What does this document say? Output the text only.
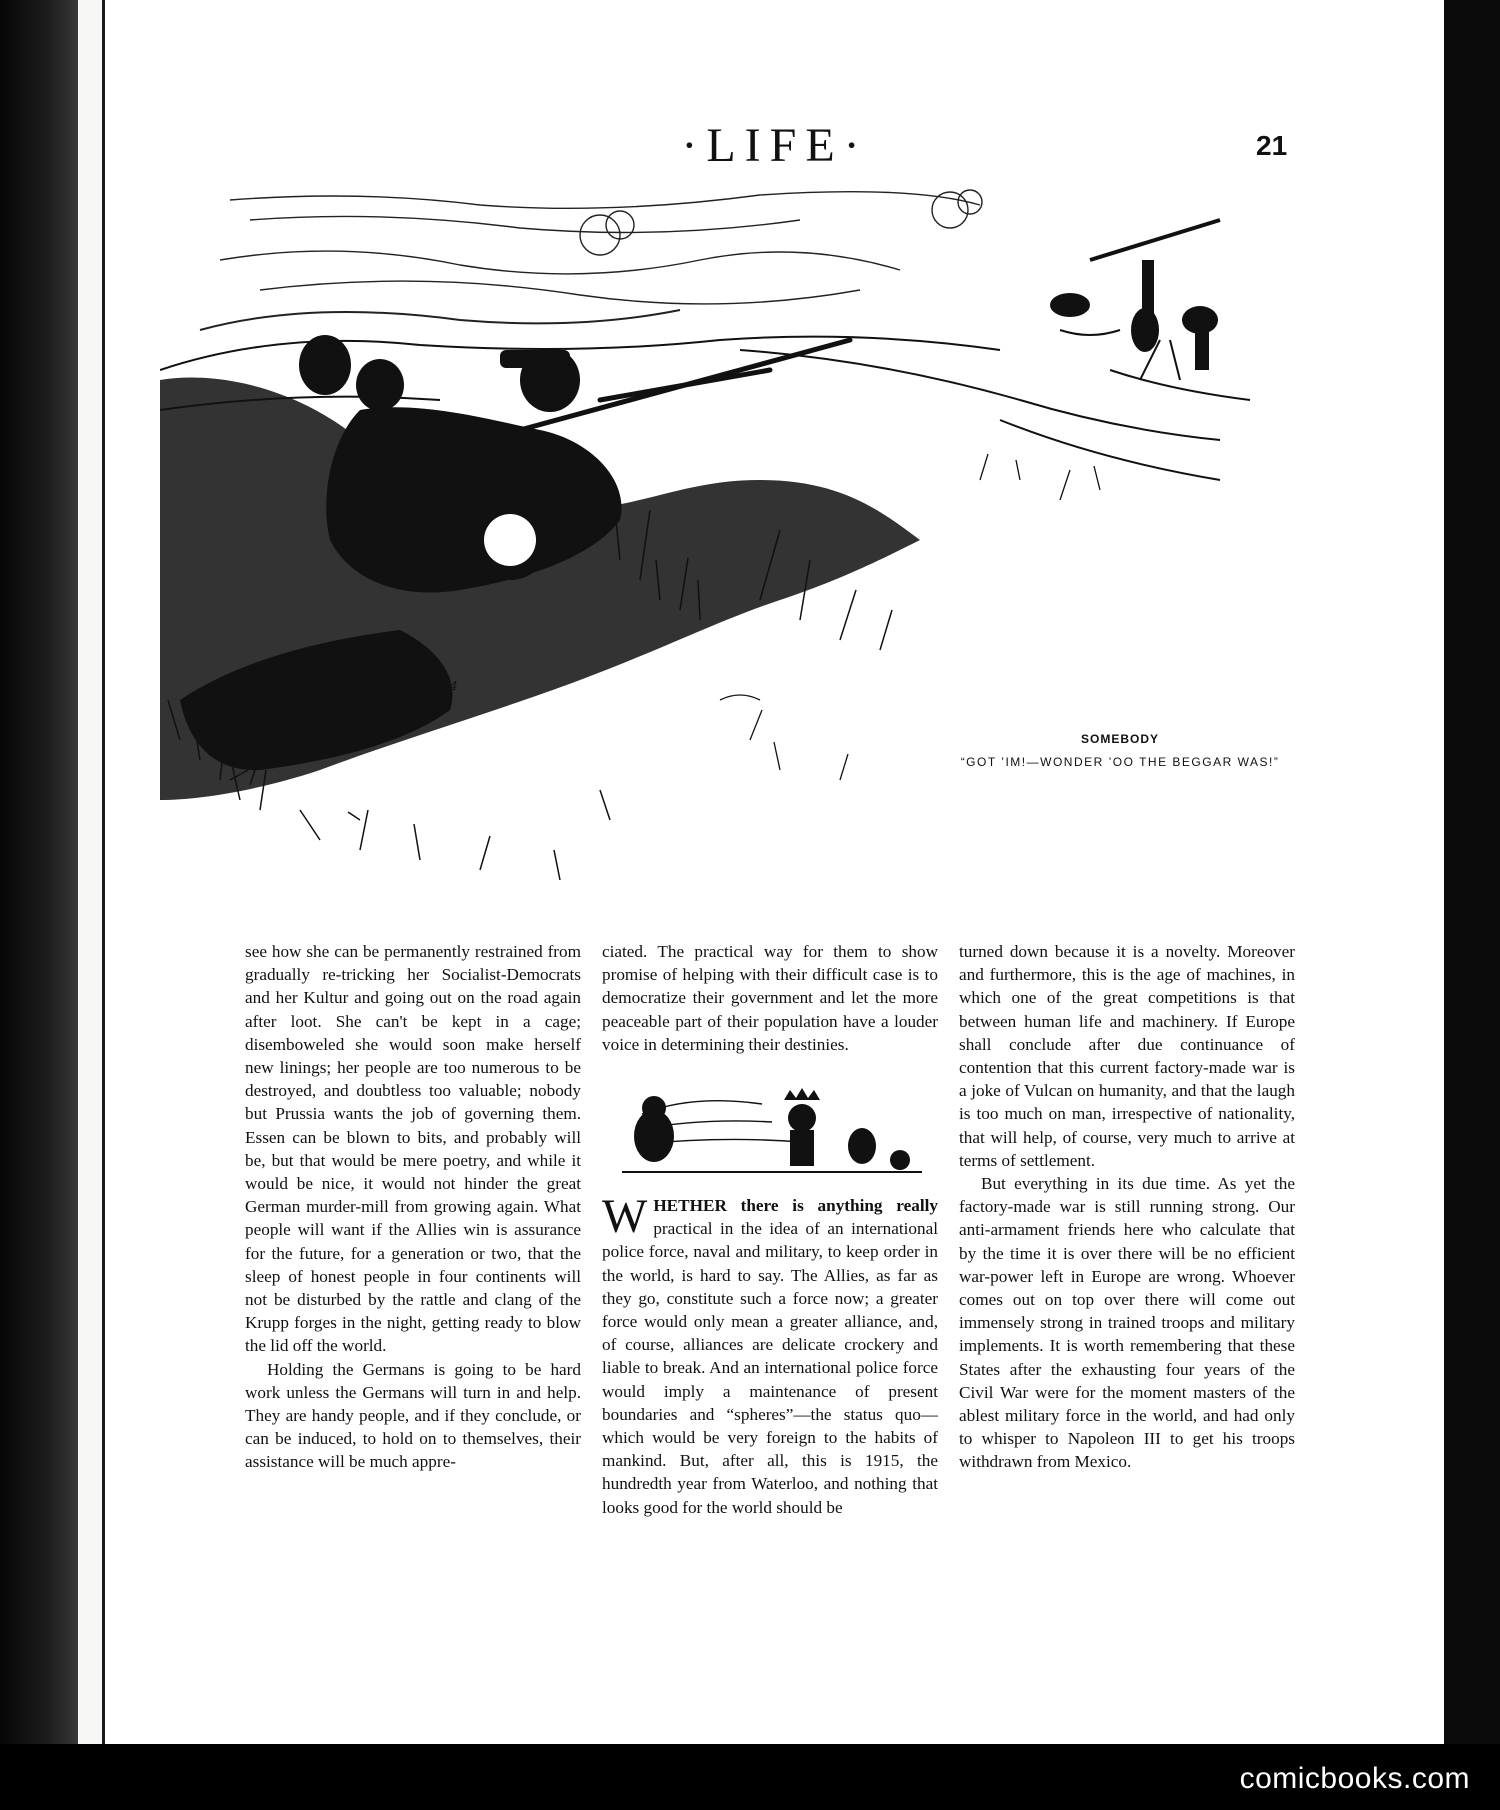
·LIFE·	21
J. Goucher 1914
SOMEBODY
“GOT ’IM!—WONDER ’OO THE BEGGAR WAS!”

see how she can be permanently restrained from gradually re-tricking her Socialist-Democrats and her Kultur and going out on the road again after loot. She can't be kept in a cage; disemboweled she would soon make herself new linings; her people are too numerous to be destroyed, and doubtless too valuable; nobody but Prussia wants the job of governing them. Essen can be blown to bits, and probably will be, but that would be mere poetry, and while it would be nice, it would not hinder the great German murder-mill from growing again. What people will want if the Allies win is assurance for the future, for a generation or two, that the sleep of honest people in four continents will not be disturbed by the rattle and clang of the Krupp forges in the night, getting ready to blow the lid off the world.

Holding the Germans is going to be hard work unless the Germans will turn in and help. They are handy people, and if they conclude, or can be induced, to hold on to themselves, their assistance will be much appre-

ciated. The practical way for them to show promise of helping with their difficult case is to democratize their government and let the more peaceable part of their population have a louder voice in determining their destinies.

WHETHER there is anything really practical in the idea of an international police force, naval and military, to keep order in the world, is hard to say. The Allies, as far as they go, constitute such a force now; a greater force would only mean a greater alliance, and, of course, alliances are delicate crockery and liable to break. And an international police force would imply a maintenance of present boundaries and “spheres”—the status quo—which would be very foreign to the habits of mankind. But, after all, this is 1915, the hundredth year from Waterloo, and nothing that looks good for the world should be

turned down because it is a novelty. Moreover and furthermore, this is the age of machines, in which one of the great competitions is that between human life and machinery. If Europe shall conclude after due continuance of contention that this current factory-made war is a joke of Vulcan on humanity, and that the laugh is too much on man, irrespective of nationality, that will help, of course, very much to arrive at terms of settlement.

But everything in its due time. As yet the factory-made war is still running strong. Our anti-armament friends here who calculate that by the time it is over there will be no efficient war-power left in Europe are wrong. Whoever comes out on top over there will come out immensely strong in trained troops and military implements. It is worth remembering that these States after the exhausting four years of the Civil War were for the moment masters of the ablest military force in the world, and had only to whisper to Napoleon III to get his troops withdrawn from Mexico.

comicbooks.com
